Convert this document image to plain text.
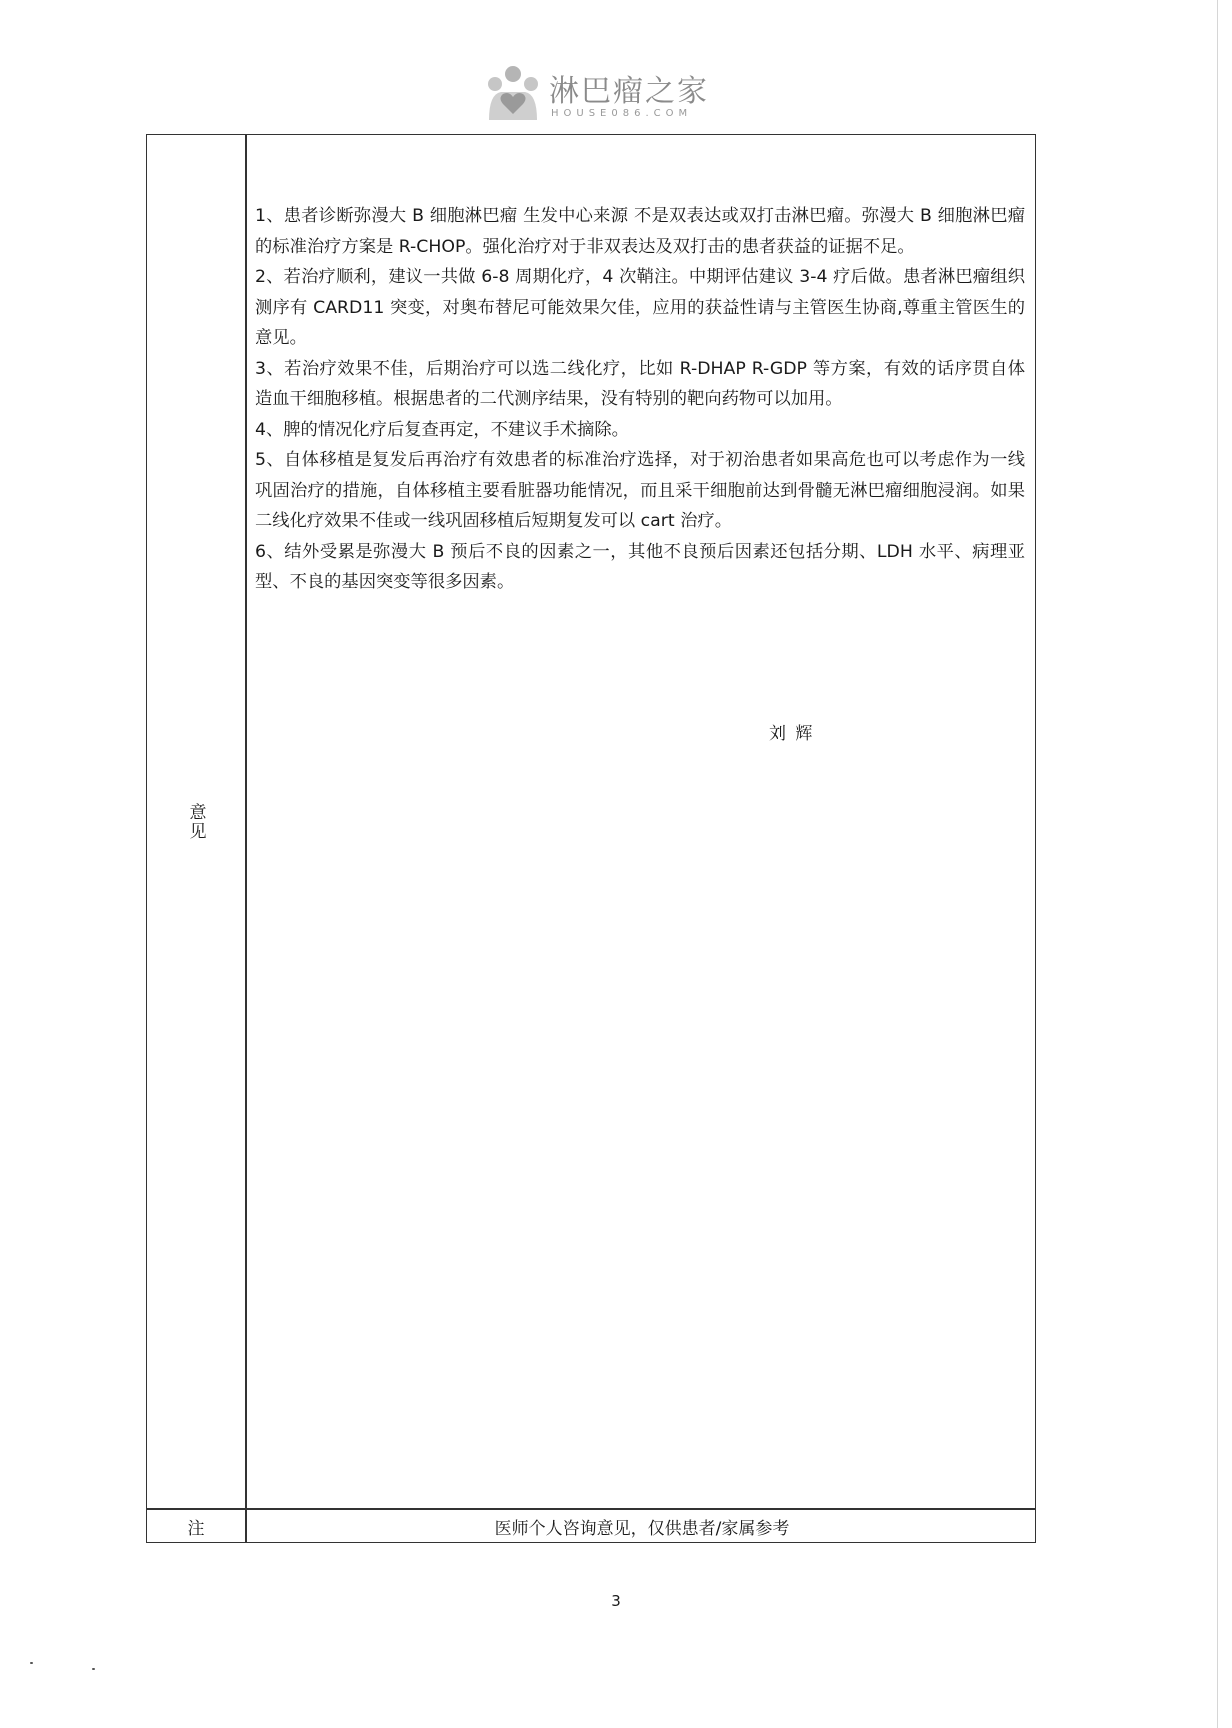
淋巴瘤之家
HOUSE086.COM
意见

1、患者诊断弥漫大 B 细胞淋巴瘤 生发中心来源 不是双表达或双打击淋巴瘤。弥漫大 B 细胞淋巴瘤的标准治疗方案是 R-CHOP。强化治疗对于非双表达及双打击的患者获益的证据不足。

2、若治疗顺利，建议一共做 6-8 周期化疗，4 次鞘注。中期评估建议 3-4 疗后做。患者淋巴瘤组织测序有 CARD11 突变，对奥布替尼可能效果欠佳，应用的获益性请与主管医生协商,尊重主管医生的意见。

3、若治疗效果不佳，后期治疗可以选二线化疗，比如 R-DHAP R-GDP 等方案，有效的话序贯自体造血干细胞移植。根据患者的二代测序结果，没有特别的靶向药物可以加用。

4、脾的情况化疗后复查再定，不建议手术摘除。

5、自体移植是复发后再治疗有效患者的标准治疗选择，对于初治患者如果高危也可以考虑作为一线巩固治疗的措施，自体移植主要看脏器功能情况，而且采干细胞前达到骨髓无淋巴瘤细胞浸润。如果二线化疗效果不佳或一线巩固移植后短期复发可以 cart 治疗。

6、结外受累是弥漫大 B 预后不良的因素之一，其他不良预后因素还包括分期、LDH 水平、病理亚型、不良的基因突变等很多因素。

刘 辉
注	医师个人咨询意见，仅供患者/家属参考
3
